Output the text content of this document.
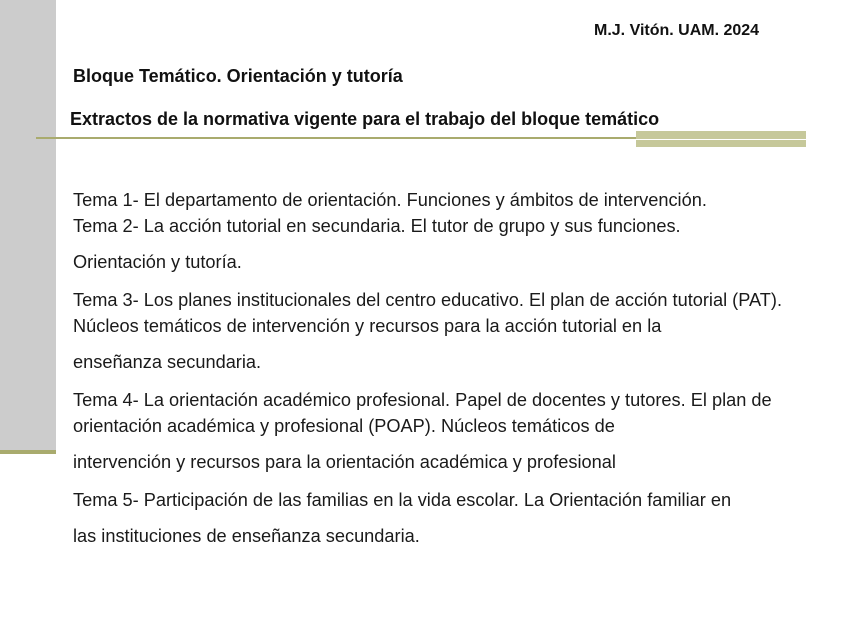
M.J. Vitón. UAM. 2024
Bloque Temático. Orientación y tutoría
Extractos de la normativa vigente para el trabajo del bloque temático

Tema 1- El departamento de orientación. Funciones y ámbitos de intervención.

Tema 2- La acción tutorial en secundaria. El tutor de grupo y sus funciones.
Orientación y tutoría.

Tema 3- Los planes institucionales del centro educativo. El plan de acción tutorial (PAT). Núcleos temáticos de intervención y recursos para la acción tutorial en la
enseñanza secundaria.

Tema 4- La orientación académico profesional. Papel de docentes y tutores. El plan de orientación académica y profesional (POAP). Núcleos temáticos de
intervención y recursos para la orientación académica y profesional

Tema 5- Participación de las familias en la vida escolar. La Orientación familiar en
las instituciones de enseñanza secundaria.
